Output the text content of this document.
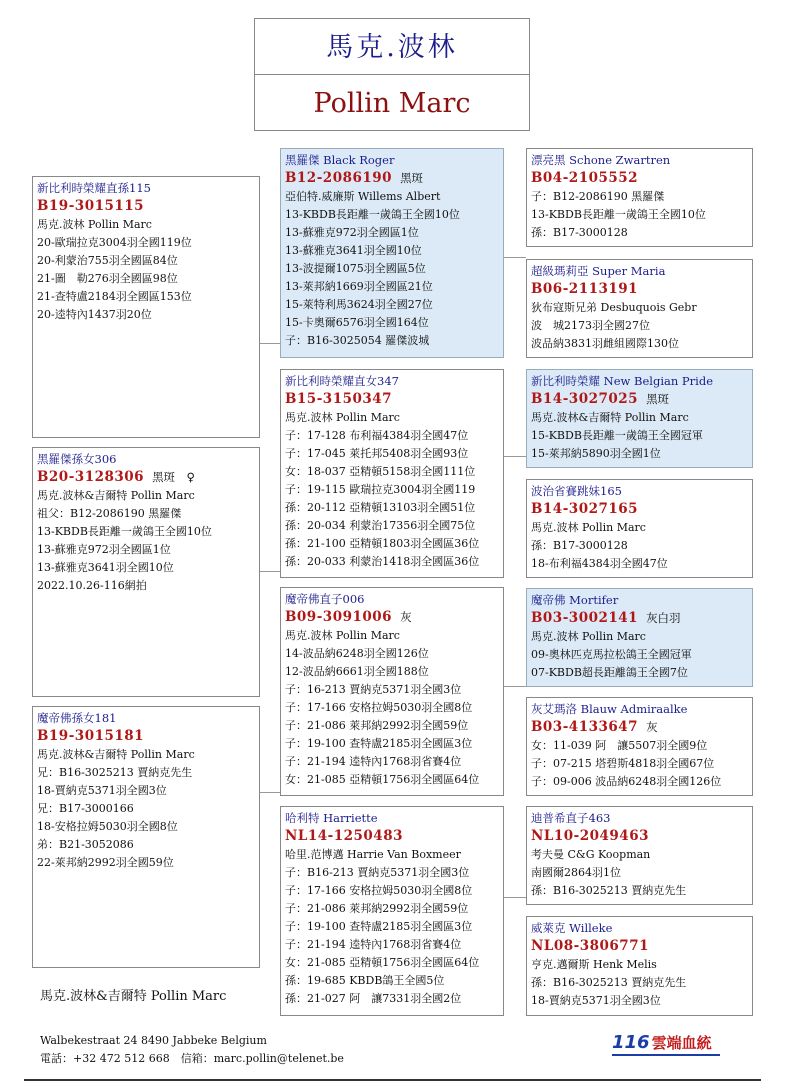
馬克.波林
Pollin Marc
新比利時榮耀直孫115
B19-3015115
馬克.波林 Pollin Marc
20-歐瑞拉克3004羽全國119位
20-利蒙治755羽全國區84位
21-圖　勒276羽全國區98位
21-查特盧2184羽全國區153位
20-逵特內1437羽20位
黑羅傑孫女306
B20-3128306 黑斑　♀
馬克.波林&吉爾特 Pollin Marc
祖父：B12-2086190 黑羅傑
13-KBDB長距離一歲鴿王全國10位
13-蘇雅克972羽全國區1位
13-蘇雅克3641羽全國10位
2022.10.26-116網拍
魔帝佛孫女181
B19-3015181
馬克.波林&吉爾特 Pollin Marc
兄：B16-3025213 賈納克先生
18-賈納克5371羽全國3位
兄：B17-3000166
18-安格拉姆5030羽全國8位
弟：B21-3052086
22-萊邦納2992羽全國59位
黑羅傑 Black Roger
B12-2086190 黑斑
亞伯特.威廉斯 Willems Albert
13-KBDB長距離一歲鴿王全國10位
13-蘇雅克972羽全國區1位
13-蘇雅克3641羽全國10位
13-波提爾1075羽全國區5位
13-萊邦納1669羽全國區21位
15-萊特利馬3624羽全國27位
15-卡奧爾6576羽全國164位
子：B16-3025054 羅傑波城
新比利時榮耀直女347
B15-3150347
馬克.波林 Pollin Marc
子：17-128 布利福4384羽全國47位
子：17-045 萊托邦5408羽全國93位
女：18-037 亞精頓5158羽全國111位
子：19-115 歐瑞拉克3004羽全國119
孫：20-112 亞精頓13103羽全國51位
孫：20-034 利蒙治17356羽全國75位
孫：21-100 亞精頓1803羽全國區36位
孫：20-033 利蒙治1418羽全國區36位
魔帝佛直子006
B09-3091006 灰
馬克.波林 Pollin Marc
14-波品納6248羽全國126位
12-波品納6661羽全國188位
子：16-213 賈納克5371羽全國3位
子：17-166 安格拉姆5030羽全國8位
子：21-086 萊邦納2992羽全國59位
子：19-100 查特盧2185羽全國區3位
子：21-194 逵特內1768羽省賽4位
女：21-085 亞精頓1756羽全國區64位
哈利特 Harriette
NL14-1250483
哈里.范博邁 Harrie Van Boxmeer
子：B16-213 賈納克5371羽全國3位
子：17-166 安格拉姆5030羽全國8位
子：21-086 萊邦納2992羽全國59位
子：19-100 查特盧2185羽全國區3位
子：21-194 逵特內1768羽省賽4位
女：21-085 亞精頓1756羽全國區64位
孫：19-685 KBDB鴿王全國5位
孫：21-027 阿　讓7331羽全國2位
漂亮黑 Schone Zwartren
B04-2105552
子：B12-2086190 黑羅傑
13-KBDB長距離一歲鴿王全國10位
孫：B17-3000128
超級瑪莉亞 Super Maria
B06-2113191
狄布寇斯兄弟 Desbuquois Gebr
波　城2173羽全國27位
波品納3831羽雌組國際130位
新比利時榮耀 New Belgian Pride
B14-3027025 黑斑
馬克.波林&吉爾特 Pollin Marc
15-KBDB長距離一歲鴿王全國冠軍
15-萊邦納5890羽全國1位
波治省賽跳妹165
B14-3027165
馬克.波林 Pollin Marc
孫：B17-3000128
18-布利福4384羽全國47位
魔帝佛 Mortifer
B03-3002141 灰白羽
馬克.波林 Pollin Marc
09-奧林匹克馬拉松鴿王全國冠軍
07-KBDB超長距離鴿王全國7位
灰艾瑪洛 Blauw Admiraalke
B03-4133647 灰
女：11-039 阿　讓5507羽全國9位
子：07-215 塔碧斯4818羽全國67位
子：09-006 波品納6248羽全國126位
迪普希直子463
NL10-2049463
考夫曼 C&G Koopman
南國爾2864羽1位
孫：B16-3025213 賈納克先生
威萊克 Willeke
NL08-3806771
亨克.邁爾斯 Henk Melis
孫：B16-3025213 賈納克先生
18-賈納克5371羽全國3位
馬克.波林&吉爾特 Pollin Marc
Walbekestraat 24 8490 Jabbeke Belgium
電話：+32 472 512 668　信箱：marc.pollin@telenet.be
116 雲端血統
